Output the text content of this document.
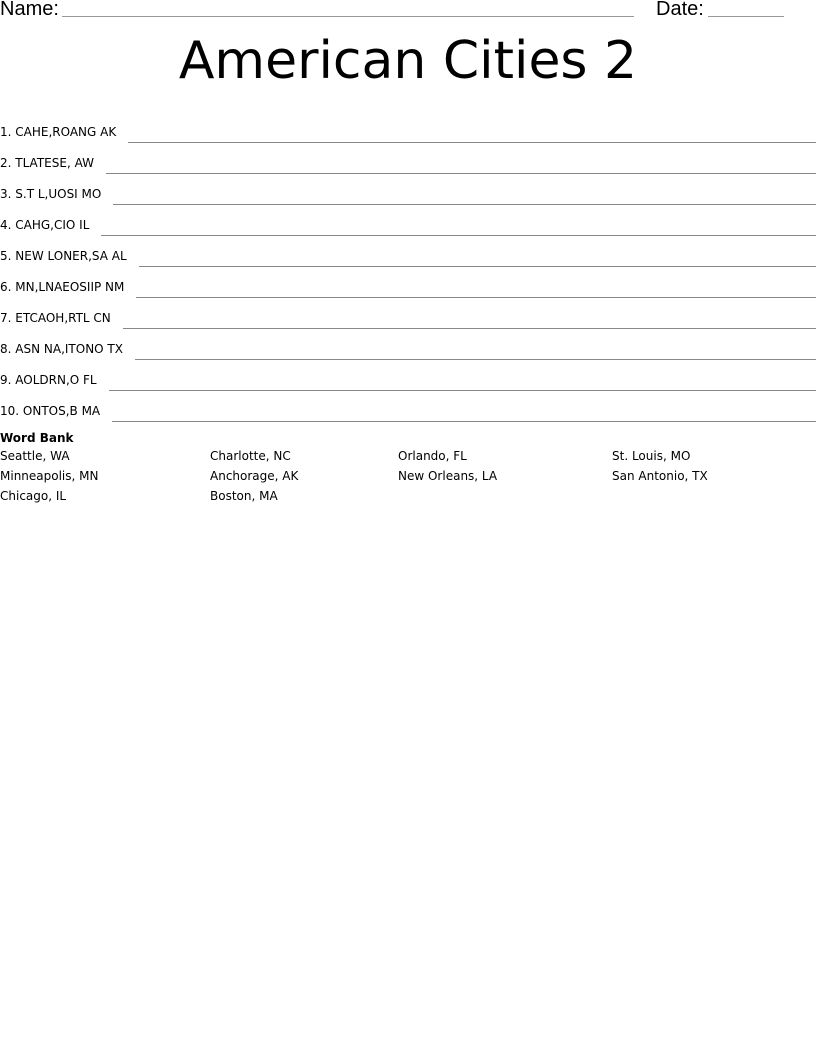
Name:	Date:
American Cities 2
1. CAHE,ROANG AK
2. TLATESE, AW
3. S.T L,UOSI MO
4. CAHG,CIO IL
5. NEW LONER,SA AL
6. MN,LNAEOSIIP NM
7. ETCAOH,RTL CN
8. ASN NA,ITONO TX
9. AOLDRN,O FL
10. ONTOS,B MA
Word Bank
Seattle, WA	Charlotte, NC	Orlando, FL	St. Louis, MO
Minneapolis, MN	Anchorage, AK	New Orleans, LA	San Antonio, TX
Chicago, IL	Boston, MA
